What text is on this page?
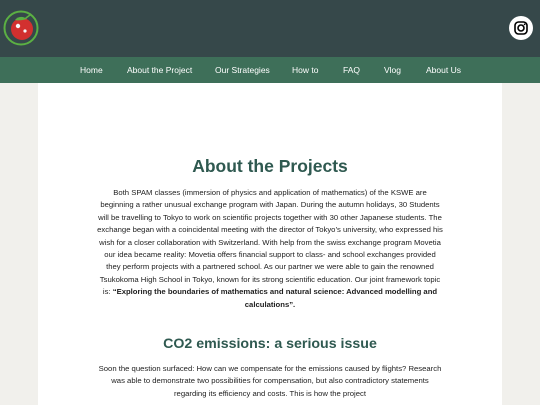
Home	About the Project	Our Strategies	How to	FAQ	Vlog	About Us
About the Projects

Both SPAM classes (immersion of physics and application of mathematics) of the KSWE are beginning a rather unusual exchange program with Japan. During the autumn holidays, 30 Students will be travelling to Tokyo to work on scientific projects together with 30 other Japanese students. The exchange began with a coincidental meeting with the director of Tokyo’s university, who expressed his wish for a closer collaboration with Switzerland. With help from the swiss exchange program Movetia our idea became reality: Movetia offers financial support to class- and school exchanges provided they perform projects with a partnered school. As our partner we were able to gain the renowned Tsukokoma High School in Tokyo, known for its strong scientific education. Our joint framework topic is: “Exploring the boundaries of mathematics and natural science: Advanced modelling and calculations”.

CO2 emissions: a serious issue

Soon the question surfaced: How can we compensate for the emissions caused by flights? Research was able to demonstrate two possibilities for compensation, but also contradictory statements regarding its efficiency and costs. This is how the project
